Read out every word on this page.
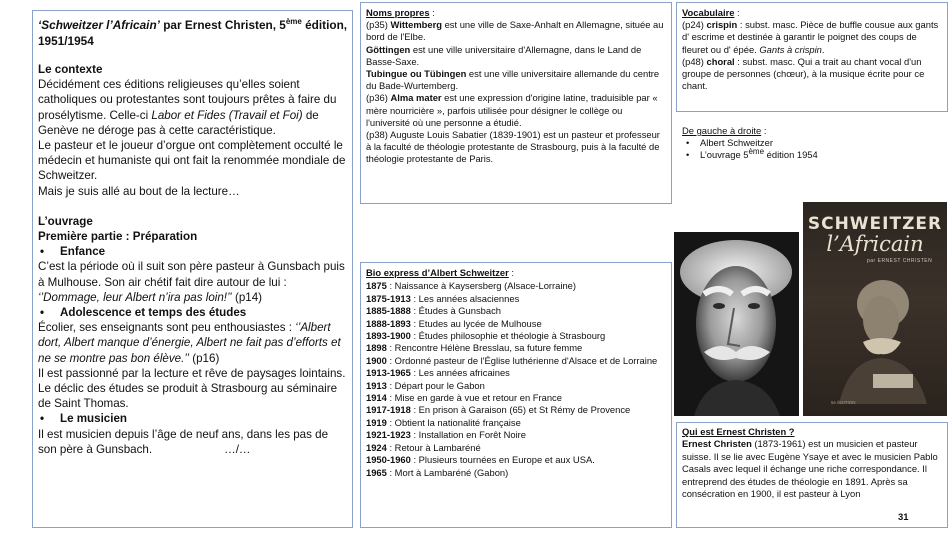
‘Schweitzer l’Africain’ par Ernest Christen, 5ème édition, 1951/1954
Le contexte

Décidément ces éditions religieuses qu’elles soient catholiques ou protestantes sont toujours prêtes à faire du prosélytisme. Celle-ci Labor et Fides (Travail et Foi) de Genève ne déroge pas à cette caractéristique.

Le pasteur et le joueur d’orgue ont complètement occulté le médecin et humaniste qui ont fait la renommée mondiale de Schweitzer.

Mais je suis allé au bout de la lecture…

L’ouvrage
Première partie : Préparation
•	Enfance

C’est la période où il suit son père pasteur à Gunsbach puis à Mulhouse. Son air chétif fait dire autour de lui : ‘’Dommage, leur Albert n’ira pas loin!’’ (p14)

•	Adolescence et temps des études

Écolier, ses enseignants sont peu enthousiastes : ‘’Albert dort, Albert manque d’énergie, Albert ne fait pas d’efforts et ne se montre pas bon élève.’’ (p16)

Il est passionné par la lecture et rêve de paysages lointains. Le déclic des études se produit à Strasbourg au séminaire de Saint Thomas.

•	Le musicien

Il est musicien depuis l’âge de neuf ans, dans les pas de son père à Gunsbach.	…/…

Noms propres :
(p35) Wittemberg est une ville de Saxe-Anhalt en Allemagne, située au bord de l'Elbe.
Göttingen est une ville universitaire d'Allemagne, dans le Land de Basse-Saxe.
Tubingue ou Tübingen est une ville universitaire allemande du centre du Bade-Wurtemberg.
(p36) Alma mater est une expression d'origine latine, traduisible par « mère nourricière », parfois utilisée pour désigner le collège ou l'université où une personne a étudié.
(p38) Auguste Louis Sabatier (1839-1901) est un pasteur et professeur à la faculté de théologie protestante de Strasbourg, puis à la faculté de théologie protestante de Paris.
Vocabulaire :
(p24) crispin : subst. masc. Pièce de buffle cousue aux gants d' escrime et destinée à garantir le poignet des coups de fleuret ou d' épée. Gants à crispin.
(p48) choral : subst. masc. Qui a trait au chant vocal d'un groupe de personnes (chœur), à la musique écrite pour ce chant.
De gauche à droite :
•	Albert Schweitzer
•	L’ouvrage 5ème édition 1954
SCHWEITZER
l’Africain
par ERNEST CHRISTEN
5e ÉDITION
Bio express d’Albert Schweitzer :
1875 : Naissance à Kaysersberg (Alsace-Lorraine)
1875-1913 : Les années alsaciennes
1885-1888 : Études à Gunsbach
1888-1893 : Etudes au lycée de Mulhouse
1893-1900 : Études philosophie et théologie à Strasbourg
1898 : Rencontre Hélène Bresslau, sa future femme
1900 : Ordonné pasteur de l'Église luthérienne d'Alsace et de Lorraine
1913-1965 : Les années africaines
1913 : Départ pour le Gabon
1914 : Mise en garde à vue et retour en France
1917-1918 : En prison à Garaison (65) et St Rémy de Provence
1919 : Obtient la nationalité française
1921-1923 : Installation en Forêt Noire
1924 : Retour à Lambaréné
1950-1960 : Plusieurs tournées en Europe et aux USA.
1965 : Mort à Lambaréné (Gabon)
Qui est Ernest Christen ?
Ernest Christen (1873-1961) est un musicien et pasteur suisse. Il se lie avec Eugène Ysaye et avec le musicien Pablo Casals avec lequel il échange une riche correspondance. Il entreprend des études de théologie en 1891. Après sa consécration en 1900, il est pasteur à Lyon
31
